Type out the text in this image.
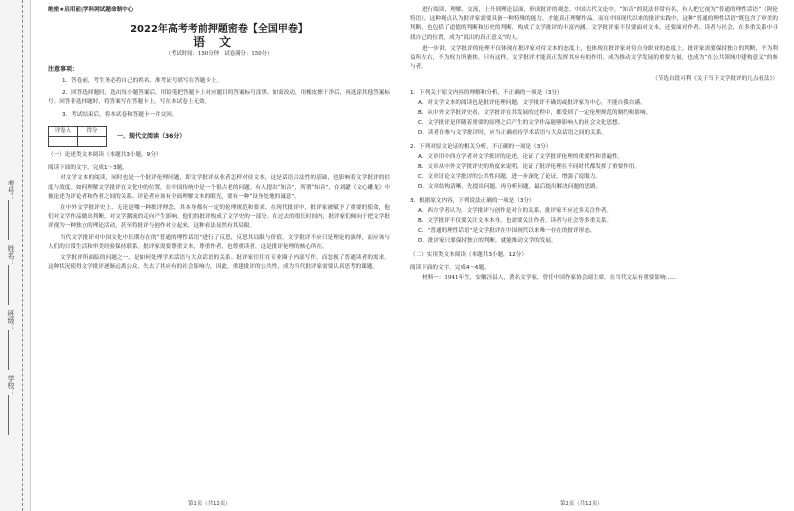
考号：
姓名：
班级：
学校：
绝密★启用前|学科网试题命制中心
2022年高考考前押题密卷【全国甲卷】
语文
（考试时间：150分钟　试卷满分：150分）
注意事项：
1．答卷前，考生务必将自己的姓名、准考证号填写在答题卡上。
2．回答选择题时，选出每小题答案后，用铅笔把答题卡上对应题目的答案标号涂黑。如需改动，用橡皮擦干净后，再选涂其他答案标号。回答非选择题时，将答案写在答题卡上。写在本试卷上无效。
3．考试结束后，将本试卷和答题卡一并交回。
评卷人	得分

一、现代文阅读（36分）
（一）论述类文本阅读（本题共3小题，9分）
阅读下面的文字，完成1～3题。

对文学文本的阅读，同时也是一个批评伦理问题，即文学批评从业者怎样对待文本，这是话语合法性的基础，也影响着文学批评的信度与效度。如何理解文学批评在文化中的位置，在中国传统中是一个很古老的问题。有人提出“知音”，所谓“知音”，在刘勰《文心雕龙》中被论述为评论者和作者之间的关系。评论者应该有全面理解文本的眼光，要有一种“设身处地的诚意”。

在中外文学批评史上，无论是哪一种批评理念，其本身都有一定的伦理规范和要求。在现代批评中，批评家被赋予了重要的使命，他们对文学作品做出判断，对文学潮流的走向产生影响，他们的批评构成了文学史的一部分。在过去的很长时间内，批评家们倾向于把文学批评视为一种独立的理论活动，甚至将批评与创作对立起来，这种看法显然有其局限。

当代文学批评对中国文化中长期存在的“普通的理性话语”进行了反思，反思其局限与价值。文学批评不应只是理论的演绎，而应该与人们的日常生活和审美经验保持联系。批评家需要尊重文本，尊重作者，也尊重读者，这是批评伦理的核心所在。

文学批评所面临的问题之一，是如何处理学术话语与大众话语的关系。批评家往往在专业圈子内部写作，而忽视了普通读者的需求。这种状况使得文学批评逐渐远离公众，失去了其应有的社会影响力。因此，重建批评的公共性，成为当代批评家需要认真思考的课题。

进行阅读、理解、交流，上升到理论层面，形成批评的观念。中国古代文论中，“知音”的说法非常有名，有人把它视为“普通的理性话语”（阿伦特语），这种观点认为批评家需要具备一种特殊的能力，才能真正理解作品。而在中国现代以来的批评实践中，这种“普通的理性话语”既包含了审美的判断，也包括了道德的判断和历史的判断，构成了文学批评的丰富内涵。文学批评家不仅要面对文本，还要面对作者、读者与社会，在多重关系中寻找自己的位置，成为“说出的真正意义”的人。

进一步讲，文学批评的伦理不仅体现在批评家对待文本的态度上，也体现在批评家对待自身职业的态度上。批评家需要保持独立的判断，不为利益所左右，不为权力所裹挟。只有这样，文学批评才能真正发挥其应有的作用，成为推动文学发展的重要力量，也成为“在公共领域中建构意义”的参与者。

（节选自段可利《关于当下文学批评的几点看法》）
1．下列关于原文内容的理解和分析，不正确的一项是（3分）
A．对文学文本的阅读也是批评伦理问题，文学批评不确切或批评家为中心，不能自我自满。
B．从中外文学批评史看，文学批评在其发展的过程中，都受到了一定伦理规范的制约和影响。
C．文学批评是伴随着重要的原理之后产生的文学作品能够影响人的社会文化思想。
D．读者在参与文学批评时，应当正确看待学术话语与大众话语之间的关系。
2．下列对原文论证的相关分析，不正确的一项是（3分）
A．文章用中西方学者对文学批评的论述，论证了文学批评伦理的重要性和普遍性。
B．文章从中外文学批评史的角度来说明，论证了批评伦理在不同时代都发挥了重要作用。
C．文章讨论文学批评的公共性问题，进一步深化了论证，增强了说服力。
D．文章结构清晰，先提出问题，再分析问题，最后提出解决问题的思路。
3．根据原文内容，下列说法正确的一项是（3分）
A．西方学者认为，文学批评与创作是对立的关系，批评家不应过多关注作者。
B．文学批评不仅要关注文本本身，也需要关注作者、读者与社会等多重关系。
C．“普通的理性话语”是文学批评在中国现代以来唯一存在的批评形态。
D．批评家只要保持独立的判断，就能推动文学的发展。
（二）实用类文本阅读（本题共3小题，12分）
阅读下面的文字，完成4～6题。

材料一：1941年生，安徽泾县人，著名文学家，曾任中国作家协会副主席，在当代文坛有重要影响……

第1页（共12页）	第2页（共12页）
